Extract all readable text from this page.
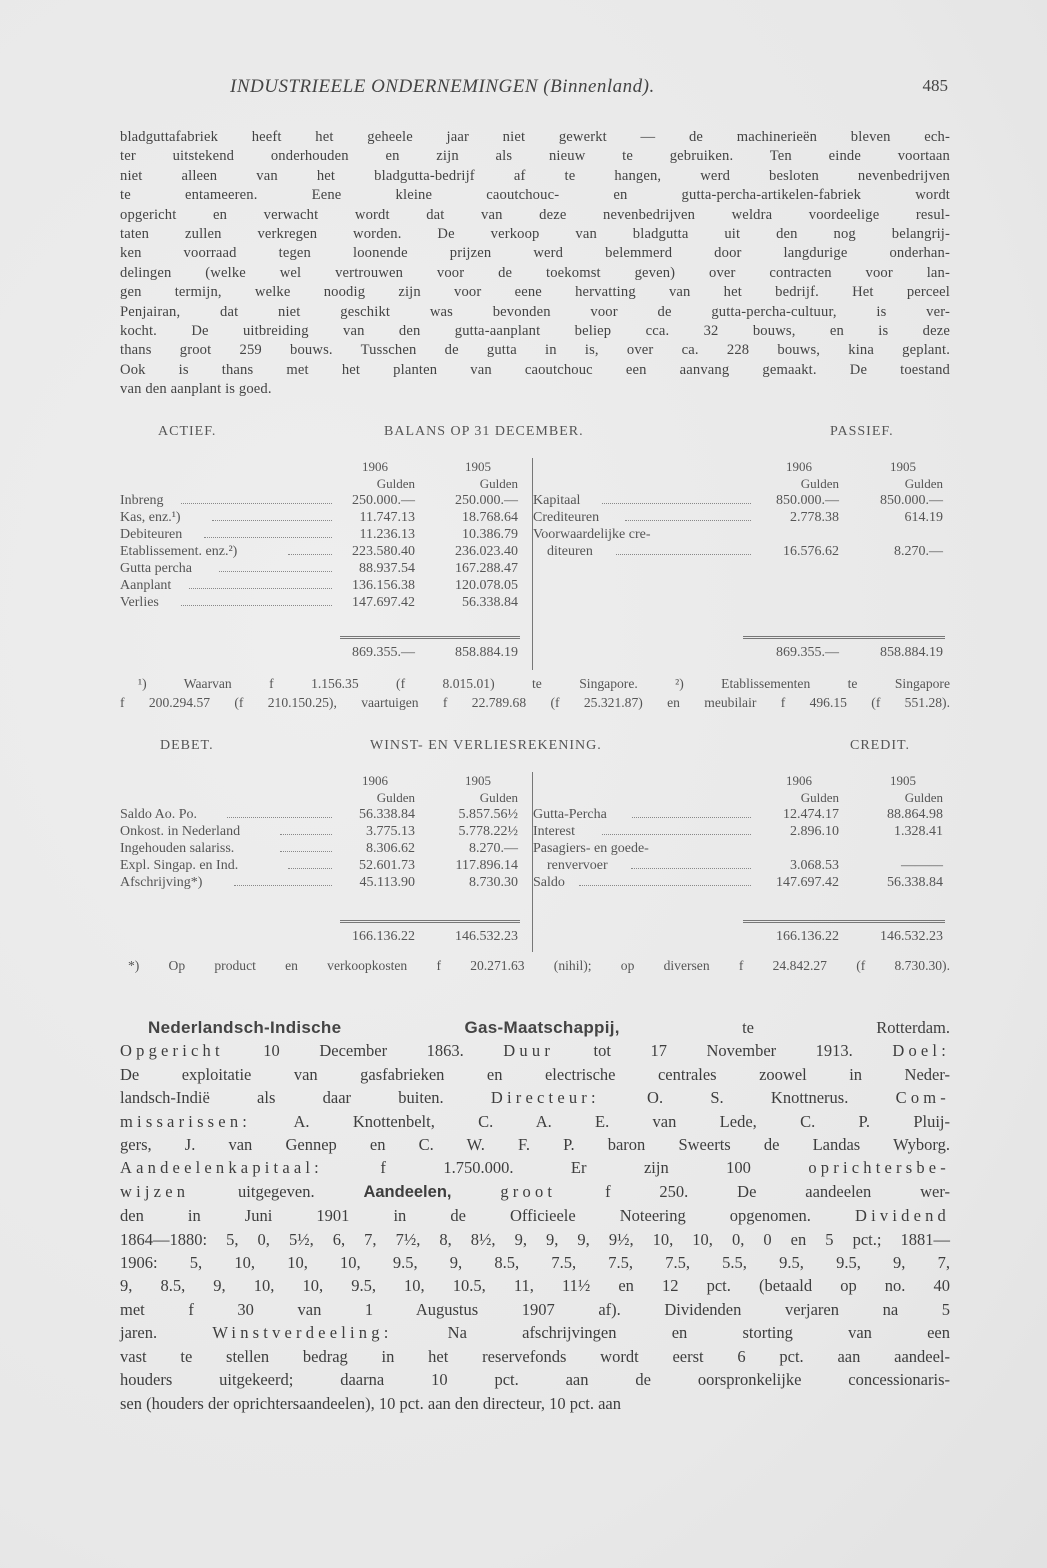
INDUSTRIEELE ONDERNEMINGEN (Binnenland).	485
bladguttafabriek heeft het geheele jaar niet gewerkt — de machinerieën bleven ech-
ter uitstekend onderhouden en zijn als nieuw te gebruiken. Ten einde voortaan
niet alleen van het bladgutta-bedrijf af te hangen, werd besloten nevenbedrijven
te entameeren. Eene kleine caoutchouc- en gutta-percha-artikelen-fabriek wordt
opgericht en verwacht wordt dat van deze nevenbedrijven weldra voordeelige resul-
taten zullen verkregen worden. De verkoop van bladgutta uit den nog belangrij-
ken voorraad tegen loonende prijzen werd belemmerd door langdurige onderhan-
delingen (welke wel vertrouwen voor de toekomst geven) over contracten voor lan-
gen termijn, welke noodig zijn voor eene hervatting van het bedrijf. Het perceel
Penjairan, dat niet geschikt was bevonden voor de gutta-percha-cultuur, is ver-
kocht. De uitbreiding van den gutta-aanplant beliep cca. 32 bouws, en is deze
thans groot 259 bouws. Tusschen de gutta in is, over ca. 228 bouws, kina geplant.
Ook is thans met het planten van caoutchouc een aanvang gemaakt. De toestand
van den aanplant is goed.
ACTIEF.	BALANS OP 31 DECEMBER.	PASSIEF.
1906	1905
Gulden	Gulden
Inbreng	250.000.—	250.000.—
Kas, enz.¹)	11.747.13	18.768.64
Debiteuren	11.236.13	10.386.79
Etablissement. enz.²)	223.580.40	236.023.40
Gutta percha	88.937.54	167.288.47
Aanplant	136.156.38	120.078.05
Verlies	147.697.42	56.338.84
869.355.—	858.884.19
1906	1905
Gulden	Gulden
Kapitaal	850.000.—	850.000.—
Crediteuren	2.778.38	614.19
Voorwaardelijke cre-
diteuren	16.576.62	8.270.—
869.355.—	858.884.19
¹) Waarvan f 1.156.35 (f 8.015.01) te Singapore. ²) Etablissementen te Singapore
f 200.294.57 (f 210.150.25), vaartuigen f 22.789.68 (f 25.321.87) en meubilair f 496.15 (f 551.28).
DEBET.	WINST- EN VERLIESREKENING.	CREDIT.
1906	1905
Gulden	Gulden
Saldo Ao. Po.	56.338.84	5.857.56½
Onkost. in Nederland	3.775.13	5.778.22½
Ingehouden salariss.	8.306.62	8.270.—
Expl. Singap. en Ind.	52.601.73	117.896.14
Afschrijving*)	45.113.90	8.730.30
166.136.22	146.532.23
1906	1905
Gulden	Gulden
Gutta-Percha	12.474.17	88.864.98
Interest	2.896.10	1.328.41
Pasagiers- en goede-
renvervoer	3.068.53	———
Saldo	147.697.42	56.338.84
166.136.22	146.532.23
*) Op product en verkoopkosten f 20.271.63 (nihil); op diversen f 24.842.27 (f 8.730.30).
Nederlandsch-Indische Gas-Maatschappij,	te Rotterdam.
Opgericht 10 December 1863. Duur tot 17 November 1913. Doel:
De exploitatie van gasfabrieken en electrische centrales zoowel in Neder-
landsch-Indië als daar buiten. Directeur: O. S. Knottnerus. Com-
missarissen: A. Knottenbelt, C. A. E. van Lede, C. P. Pluij-
gers, J. van Gennep en C. W. F. P. baron Sweerts de Landas Wyborg.
Aandeelenkapitaal: f 1.750.000. Er zijn 100 oprichtersbe-
wijzen uitgegeven. Aandeelen,	groot f 250. De aandeelen wer-
den in Juni 1901 in de Officieele Noteering opgenomen. Dividend
1864—1880: 5, 0, 5½, 6, 7, 7½, 8, 8½, 9, 9, 9, 9½, 10, 10, 0, 0 en 5 pct.; 1881—
1906: 5, 10, 10, 10, 9.5, 9, 8.5, 7.5, 7.5, 7.5, 5.5, 9.5, 9.5, 9, 7,
9, 8.5, 9, 10, 10, 9.5, 10, 10.5, 11, 11½ en 12 pct. (betaald op no. 40
met f 30 van 1 Augustus 1907 af). Dividenden verjaren na 5
jaren. Winstverdeeling: Na afschrijvingen en storting van een
vast te stellen bedrag in het reservefonds wordt eerst 6 pct. aan aandeel-
houders uitgekeerd; daarna 10 pct. aan de oorspronkelijke concessionaris-
sen (houders der oprichtersaandeelen), 10 pct. aan den directeur, 10 pct. aan
